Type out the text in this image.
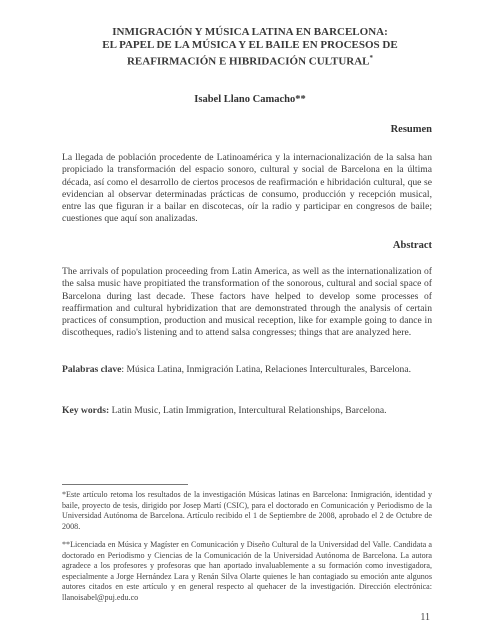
INMIGRACIÓN Y MÚSICA LATINA EN BARCELONA:
EL PAPEL DE LA MÚSICA Y EL BAILE EN PROCESOS DE
REAFIRMACIÓN E HIBRIDACIÓN CULTURAL*
Isabel Llano Camacho**
Resumen
La llegada de población procedente de Latinoamérica y la internacionalización de la salsa han propiciado la transformación del espacio sonoro, cultural y social de Barcelona en la última década, así como el desarrollo de ciertos procesos de reafirmación e hibridación cultural, que se evidencian al observar determinadas prácticas de consumo, producción y recepción musical, entre las que figuran ir a bailar en discotecas, oír la radio y participar en congresos de baile; cuestiones que aquí son analizadas.
Abstract
The arrivals of population proceeding from Latin America, as well as the internationalization of the salsa music have propitiated the transformation of the sonorous, cultural and social space of Barcelona during last decade. These factors have helped to develop some processes of reaffirmation and cultural hybridization that are demonstrated through the analysis of certain practices of consumption, production and musical reception, like for example going to dance in discotheques, radio's listening and to attend salsa congresses; things that are analyzed here.
Palabras clave: Música Latina, Inmigración Latina, Relaciones Interculturales, Barcelona.
Key words: Latin Music, Latin Immigration, Intercultural Relationships, Barcelona.
*Este artículo retoma los resultados de la investigación Músicas latinas en Barcelona: Inmigración, identidad y baile, proyecto de tesis, dirigido por Josep Martí (CSIC), para el doctorado en Comunicación y Periodismo de la Universidad Autónoma de Barcelona. Artículo recibido el 1 de Septiembre de 2008, aprobado el 2 de Octubre de 2008.
**Licenciada en Música y Magíster en Comunicación y Diseño Cultural de la Universidad del Valle. Candidata a doctorado en Periodismo y Ciencias de la Comunicación de la Universidad Autónoma de Barcelona. La autora agradece a los profesores y profesoras que han aportado invaluablemente a su formación como investigadora, especialmente a Jorge Hernández Lara y Renán Silva Olarte quienes le han contagiado su emoción ante algunos autores citados en este artículo y en general respecto al quehacer de la investigación. Dirección electrónica: llanoisabel@puj.edu.co
11
